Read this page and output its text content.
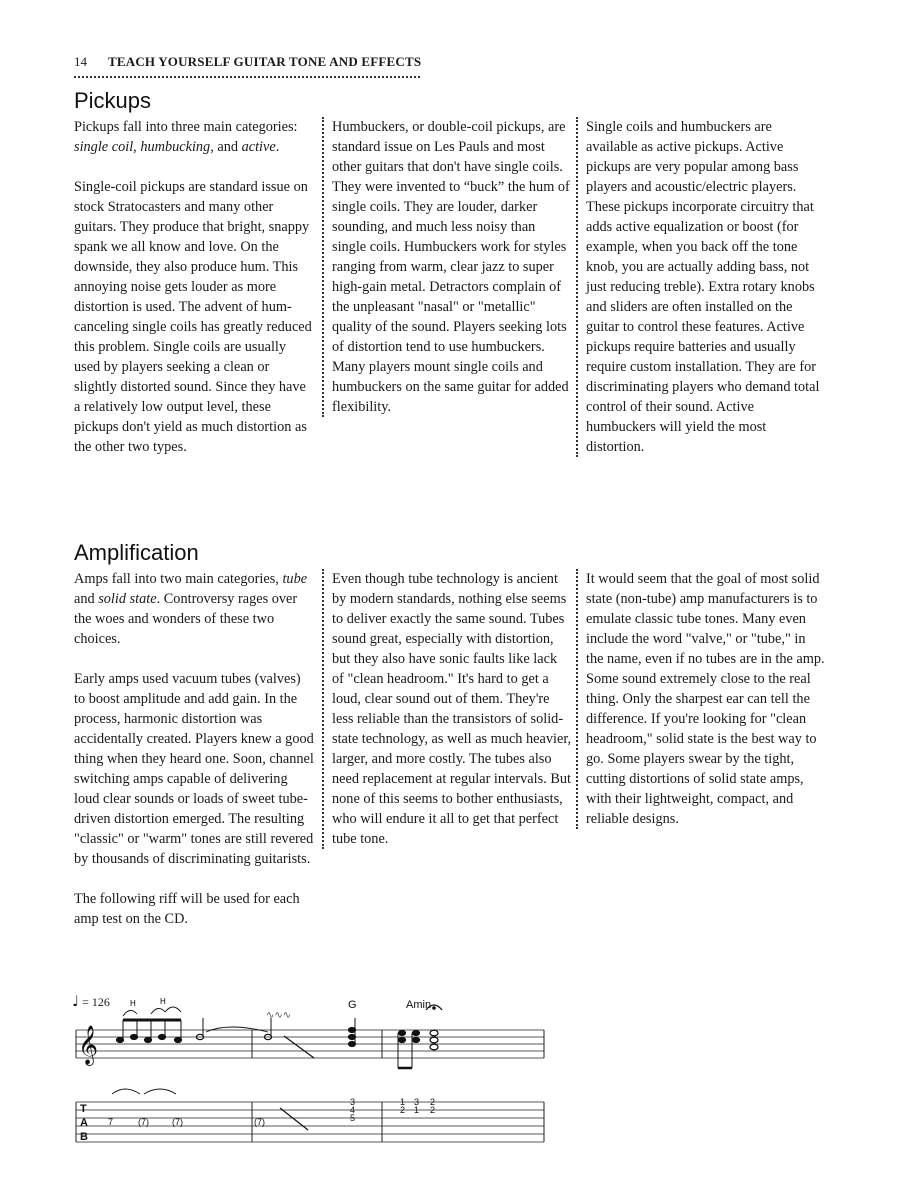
14 TEACH YOURSELF GUITAR TONE AND EFFECTS
Pickups

Pickups fall into three main categories: single coil, humbucking, and active.

Single-coil pickups are standard issue on stock Stratocasters and many other guitars. They produce that bright, snappy spank we all know and love. On the downside, they also produce hum. This annoying noise gets louder as more distortion is used. The advent of hum-canceling single coils has greatly reduced this problem. Single coils are usually used by players seeking a clean or slightly distorted sound. Since they have a relatively low output level, these pickups don't yield as much distortion as the other two types.

Humbuckers, or double-coil pickups, are standard issue on Les Pauls and most other guitars that don't have single coils. They were invented to “buck” the hum of single coils. They are louder, darker sounding, and much less noisy than single coils. Humbuckers work for styles ranging from warm, clear jazz to super high-gain metal. Detractors complain of the unpleasant "nasal" or "metallic" quality of the sound. Players seeking lots of distortion tend to use humbuckers. Many players mount single coils and humbuckers on the same guitar for added flexibility.

Single coils and humbuckers are available as active pickups. Active pickups are very popular among bass players and acoustic/electric players. These pickups incorporate circuitry that adds active equalization or boost (for example, when you back off the tone knob, you are actually adding bass, not just reducing treble). Extra rotary knobs and sliders are often installed on the guitar to control these features. Active pickups require batteries and usually require custom installation. They are for discriminating players who demand total control of their sound. Active humbuckers will yield the most distortion.

Amplification

Amps fall into two main categories, tube and solid state. Controversy rages over the woes and wonders of these two choices.

Early amps used vacuum tubes (valves) to boost amplitude and add gain. In the process, harmonic distortion was accidentally created. Players knew a good thing when they heard one. Soon, channel switching amps capable of delivering loud clear sounds or loads of sweet tube-driven distortion emerged. The resulting "classic" or "warm" tones are still revered by thousands of discriminating guitarists.

The following riff will be used for each amp test on the CD.

Even though tube technology is ancient by modern standards, nothing else seems to deliver exactly the same sound. Tubes sound great, especially with distortion, but they also have sonic faults like lack of "clean headroom." It's hard to get a loud, clear sound out of them. They're less reliable than the transistors of solid-state technology, as well as much heavier, larger, and more costly. The tubes also need replacement at regular intervals. But none of this seems to bother enthusiasts, who will endure it all to get that perfect tube tone.

It would seem that the goal of most solid state (non-tube) amp manufacturers is to emulate classic tube tones. Many even include the word "valve," or "tube," in the name, even if no tubes are in the amp. Some sound extremely close to the real thing. Only the sharpest ear can tell the difference. If you're looking for "clean headroom," solid state is the best way to go. Some players swear by the tight, cutting distortions of solid state amps, with their lightweight, compact, and reliable designs.

♩ = 126
𝄞
H	H
∿∿∿
G	Amin
T
A
B
7	(7)	(7)	(7)
3
4
5
1
2
3
1
2
2
